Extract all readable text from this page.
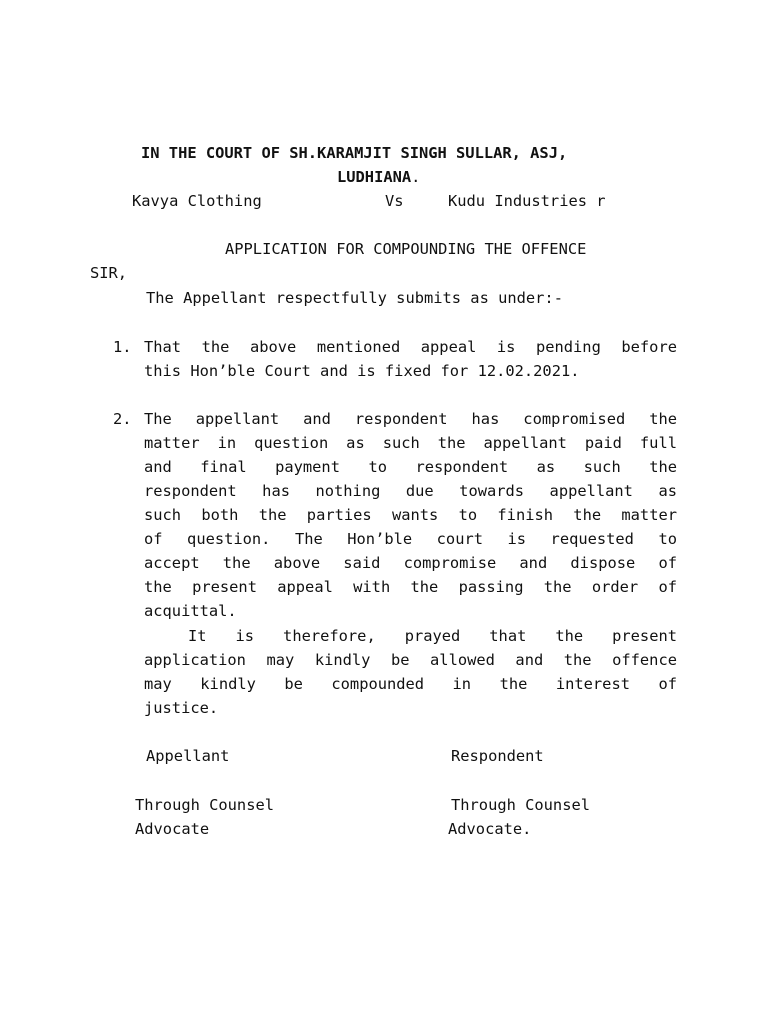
IN THE COURT OF SH.KARAMJIT SINGH SULLAR, ASJ,
LUDHIANA.
Kavya Clothing	Vs	Kudu Industries r
APPLICATION FOR COMPOUNDING THE OFFENCE
SIR,
The Appellant respectfully submits as under:-
1. That the above mentioned appeal is pending before
this Hon’ble Court and is fixed for 12.02.2021.
2. The appellant and respondent has compromised the
matter in question as such the appellant paid full
and final payment to respondent as such the
respondent has nothing due towards appellant as
such both the parties wants to finish the matter
of question. The Hon’ble court is requested to
accept the above said compromise and dispose of
the present appeal with the passing the order of
acquittal.
It is therefore, prayed that the present
application may kindly be allowed and the offence
may kindly be compounded in the interest of
justice.
Appellant	Respondent
Through Counsel	Through Counsel
Advocate	Advocate.
